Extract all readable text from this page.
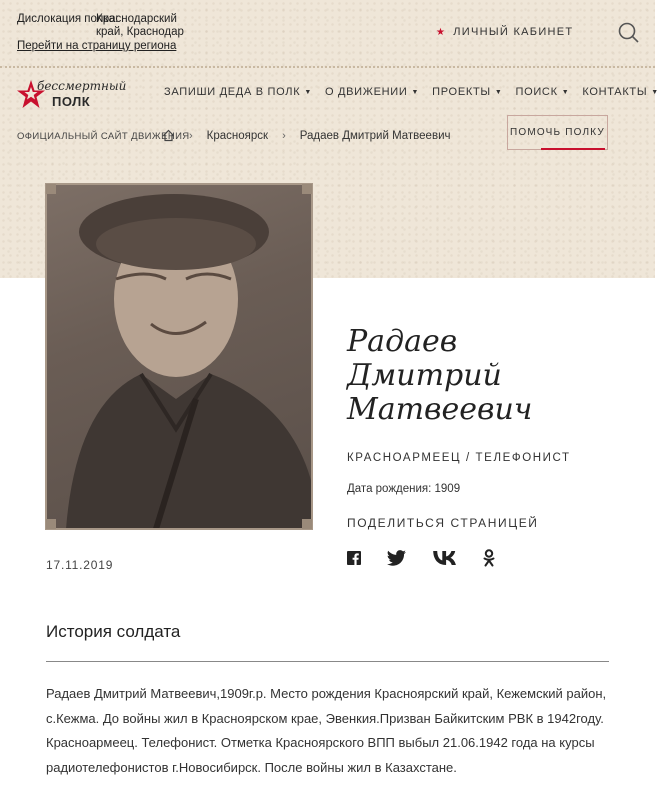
Дислокация полка:
Краснодарский край, Краснодар
Перейти на страницу региона
★ ЛИЧНЫЙ КАБИНЕТ
бессмертный
ПОЛК
ЗАПИШИ ДЕДА В ПОЛК ▼ О ДВИЖЕНИИ ▼ ПРОЕКТЫ ▼ ПОИСК ▼ КОНТАКТЫ ▼
ОФИЦИАЛЬНЫЙ САЙТ ДВИЖЕНИЯ › Красноярск › Радаев Дмитрий Матвеевич	ПОМОЧЬ ПОЛКУ
Радаев
Дмитрий
Матвеевич
КРАСНОАРМЕЕЦ / ТЕЛЕФОНИСТ
Дата рождения: 1909
ПОДЕЛИТЬСЯ СТРАНИЦЕЙ
17.11.2019
История солдата
Радаев Дмитрий Матвеевич,1909г.р. Место рождения Красноярский край, Кежемский район, с.Кежма. До войны жил в Красноярском крае, Эвенкия.Призван Байкитским РВК в 1942году. Красноармеец. Телефонист. Отметка Красноярского ВПП выбыл 21.06.1942 года на курсы радиотелефонистов г.Новосибирск. После войны жил в Казахстане.
